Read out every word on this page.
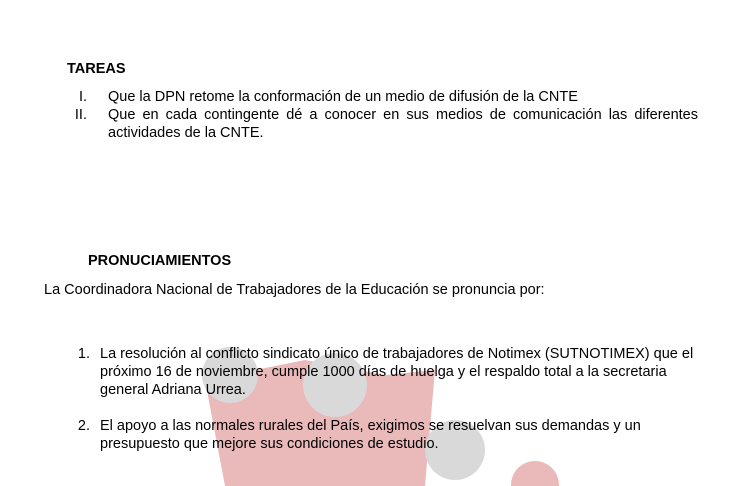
TAREAS
I. Que la DPN retome la conformación de un medio de difusión de la CNTE
II. Que en cada contingente dé a conocer en sus medios de comunicación las diferentes
actividades de la CNTE.
PRONUCIAMIENTOS
La Coordinadora Nacional de Trabajadores de la Educación se pronuncia por:
1. La resolución al conflicto sindicato único de trabajadores de Notimex (SUTNOTIMEX) que el próximo 16 de noviembre, cumple 1000 días de huelga y el respaldo total a la secretaria general Adriana Urrea.
2. El apoyo a las normales rurales del País, exigimos se resuelvan sus demandas y un presupuesto que mejore sus condiciones de estudio.
